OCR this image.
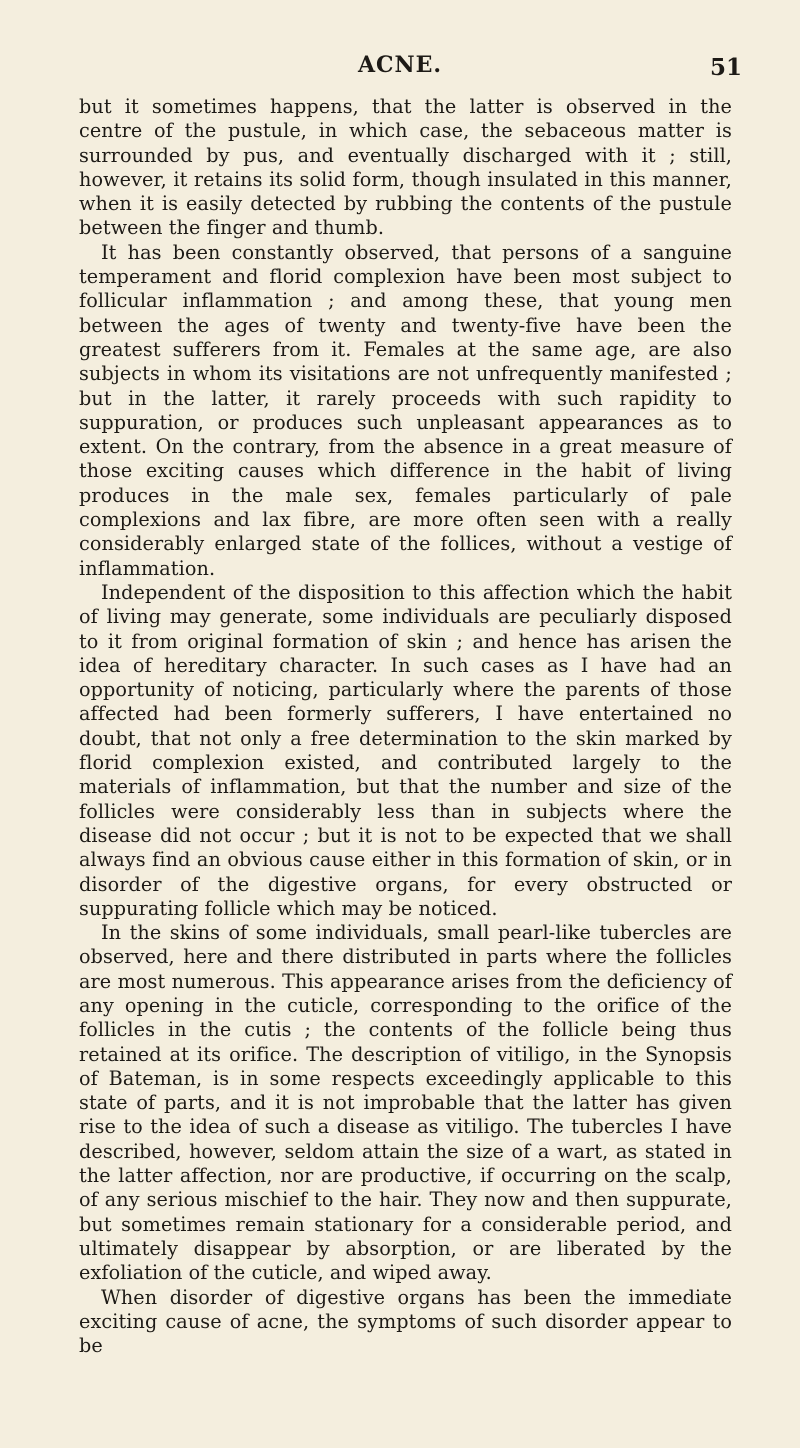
ACNE.	51

but it sometimes happens, that the latter is observed in the centre of the pustule, in which case, the sebaceous matter is surrounded by pus, and eventually discharged with it ; still, however, it retains its solid form, though insulated in this manner, when it is easily detected by rubbing the contents of the pustule between the finger and thumb.

It has been constantly observed, that persons of a sanguine temperament and florid complexion have been most subject to follicular inflammation ; and among these, that young men between the ages of twenty and twenty-five have been the greatest sufferers from it. Females at the same age, are also subjects in whom its visitations are not unfrequently manifested ; but in the latter, it rarely proceeds with such rapidity to suppuration, or produces such unpleasant appearances as to extent. On the contrary, from the absence in a great measure of those exciting causes which difference in the habit of living produces in the male sex, females particularly of pale complexions and lax fibre, are more often seen with a really considerably enlarged state of the follices, without a vestige of inflammation.

Independent of the disposition to this affection which the habit of living may generate, some individuals are peculiarly disposed to it from original formation of skin ; and hence has arisen the idea of hereditary character. In such cases as I have had an opportunity of noticing, particularly where the parents of those affected had been formerly sufferers, I have entertained no doubt, that not only a free determination to the skin marked by florid complexion existed, and contributed largely to the materials of inflammation, but that the number and size of the follicles were considerably less than in subjects where the disease did not occur ; but it is not to be expected that we shall always find an obvious cause either in this formation of skin, or in disorder of the digestive organs, for every obstructed or suppurating follicle which may be noticed.

In the skins of some individuals, small pearl-like tubercles are observed, here and there distributed in parts where the follicles are most numerous. This appearance arises from the deficiency of any opening in the cuticle, corresponding to the orifice of the follicles in the cutis ; the contents of the follicle being thus retained at its orifice. The description of vitiligo, in the Synopsis of Bateman, is in some respects exceedingly applicable to this state of parts, and it is not improbable that the latter has given rise to the idea of such a disease as vitiligo. The tubercles I have described, however, seldom attain the size of a wart, as stated in the latter affection, nor are productive, if occurring on the scalp, of any serious mischief to the hair. They now and then suppurate, but sometimes remain stationary for a considerable period, and ultimately disappear by absorption, or are liberated by the exfoliation of the cuticle, and wiped away.

When disorder of digestive organs has been the immediate exciting cause of acne, the symptoms of such disorder appear to be
